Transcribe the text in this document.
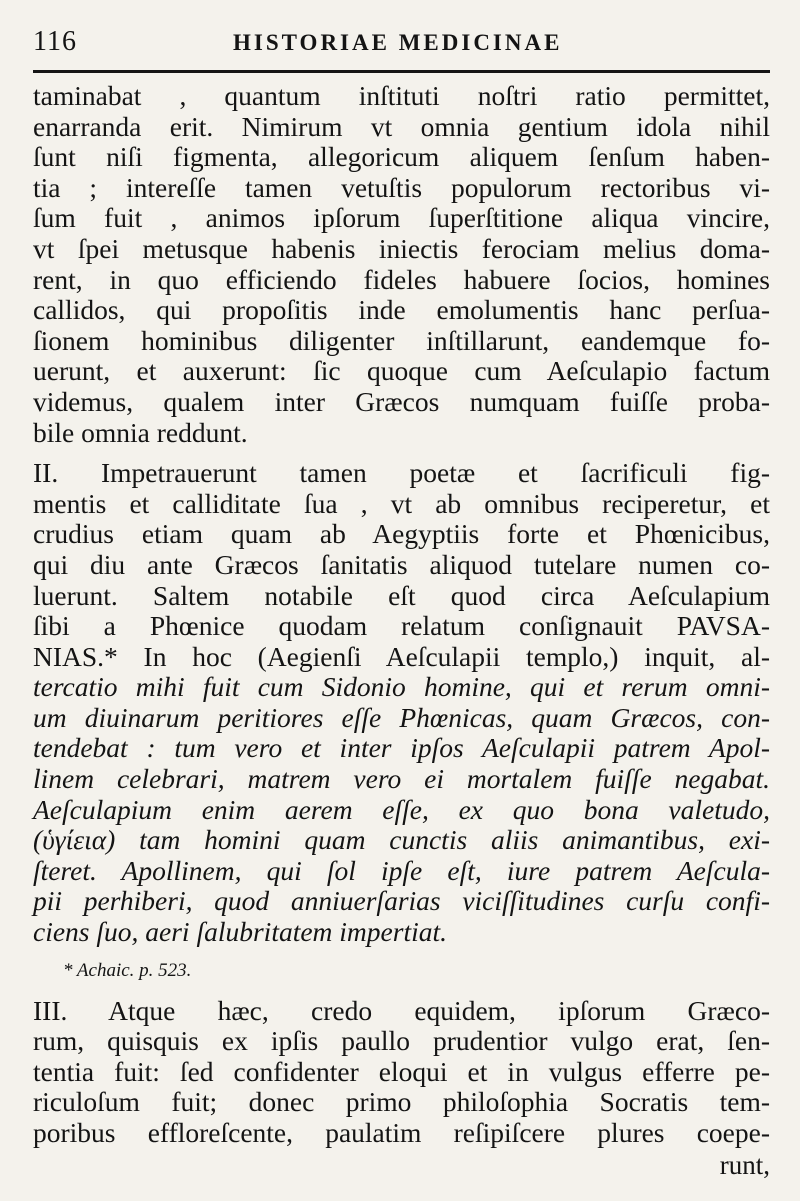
116	HISTORIAE MEDICINAE
taminabat , quantum inſtituti noſtri ratio permittet,
enarranda erit. Nimirum vt omnia gentium idola nihil
ſunt niſi figmenta, allegoricum aliquem ſenſum haben-
tia ; intereſſe tamen vetuſtis populorum rectoribus vi-
ſum fuit , animos ipſorum ſuperſtitione aliqua vincire,
vt ſpei metusque habenis iniectis ferociam melius doma-
rent, in quo efficiendo fideles habuere ſocios, homines
callidos, qui propoſitis inde emolumentis hanc perſua-
ſionem hominibus diligenter inſtillarunt, eandemque fo-
uerunt, et auxerunt: ſic quoque cum Aeſculapio factum
videmus, qualem inter Græcos numquam fuiſſe proba-
bile omnia reddunt.
II. Impetrauerunt tamen poetæ et ſacrificuli fig-
mentis et calliditate ſua , vt ab omnibus reciperetur, et
crudius etiam quam ab Aegyptiis forte et Phœnicibus,
qui diu ante Græcos ſanitatis aliquod tutelare numen co-
luerunt. Saltem notabile eſt quod circa Aeſculapium
ſibi a Phœnice quodam relatum conſignauit PAVSA-
NIAS.* In hoc (Aegienſi Aeſculapii templo,) inquit, al-
tercatio mihi fuit cum Sidonio homine, qui et rerum omni-
um diuinarum peritiores eſſe Phœnicas, quam Græcos, con-
tendebat : tum vero et inter ipſos Aeſculapii patrem Apol-
linem celebrari, matrem vero ei mortalem fuiſſe negabat.
Aeſculapium enim aerem eſſe, ex quo bona valetudo,
(ὑγίεια) tam homini quam cunctis aliis animantibus, exi-
ſteret. Apollinem, qui ſol ipſe eſt, iure patrem Aeſcula-
pii perhiberi, quod anniuerſarias viciſſitudines curſu confi-
ciens ſuo, aeri ſalubritatem impertiat.
* Achaic. p. 523.
III. Atque hæc, credo equidem, ipſorum Græco-
rum, quisquis ex ipſis paullo prudentior vulgo erat, ſen-
tentia fuit: ſed confidenter eloqui et in vulgus efferre pe-
riculoſum fuit; donec primo philoſophia Socratis tem-
poribus effloreſcente, paulatim reſipiſcere plures coepe-
runt,
